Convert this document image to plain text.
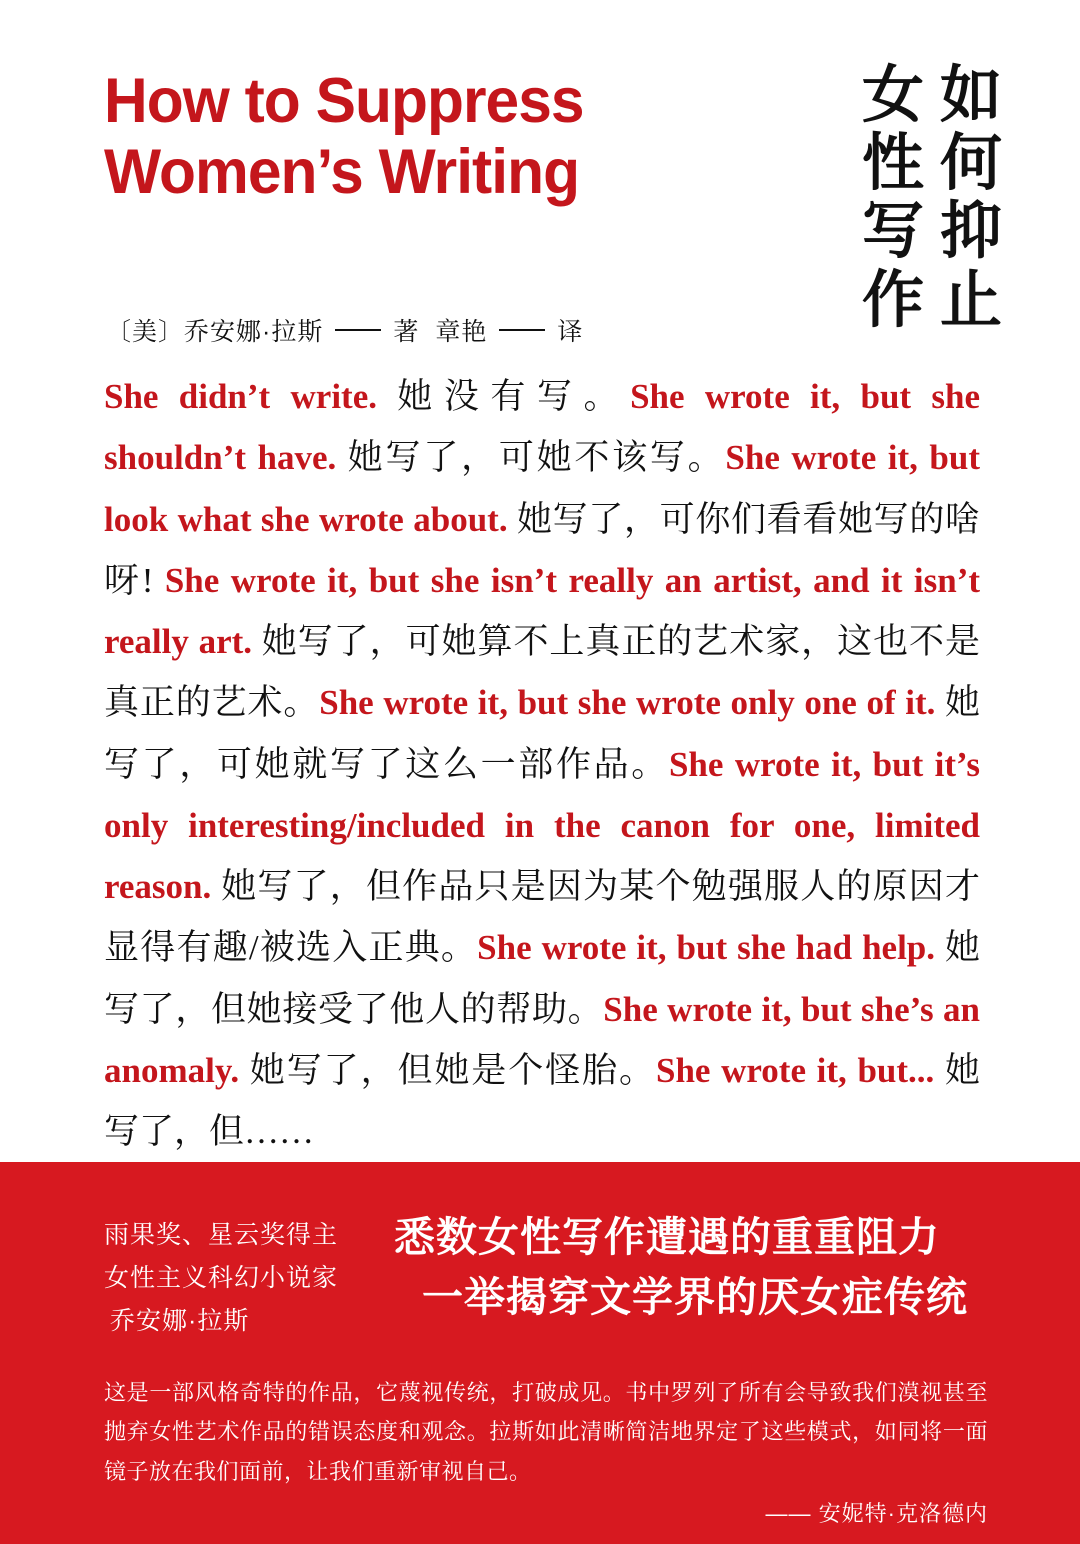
How to Suppress
Women’s Writing
如
何
抑
止
女
性
写
作
〔美〕乔安娜·拉斯	著 章艳	译

She didn’t write. 她没有写。She wrote it, but she shouldn’t have. 她写了，可她不该写。She wrote it, but look what she wrote about. 她写了，可你们看看她写的啥呀! She wrote it, but she isn’t really an artist, and it isn’t really art. 她写了，可她算不上真正的艺术家，这也不是真正的艺术。She wrote it, but she wrote only one of it. 她写了，可她就写了这么一部作品。She wrote it, but it’s only interesting/included in the canon for one, limited reason. 她写了，但作品只是因为某个勉强服人的原因才显得有趣/被选入正典。She wrote it, but she had help. 她写了，但她接受了他人的帮助。She wrote it, but she’s an anomaly. 她写了，但她是个怪胎。She wrote it, but... 她写了，但……

雨果奖、星云奖得主
女性主义科幻小说家
乔安娜·拉斯
悉数女性写作遭遇的重重阻力
一举揭穿文学界的厌女症传统
这是一部风格奇特的作品，它蔑视传统，打破成见。书中罗列了所有会导致我们漠视甚至抛弃女性艺术作品的错误态度和观念。拉斯如此清晰简洁地界定了这些模式，如同将一面镜子放在我们面前，让我们重新审视自己。
—— 安妮特·克洛德内
